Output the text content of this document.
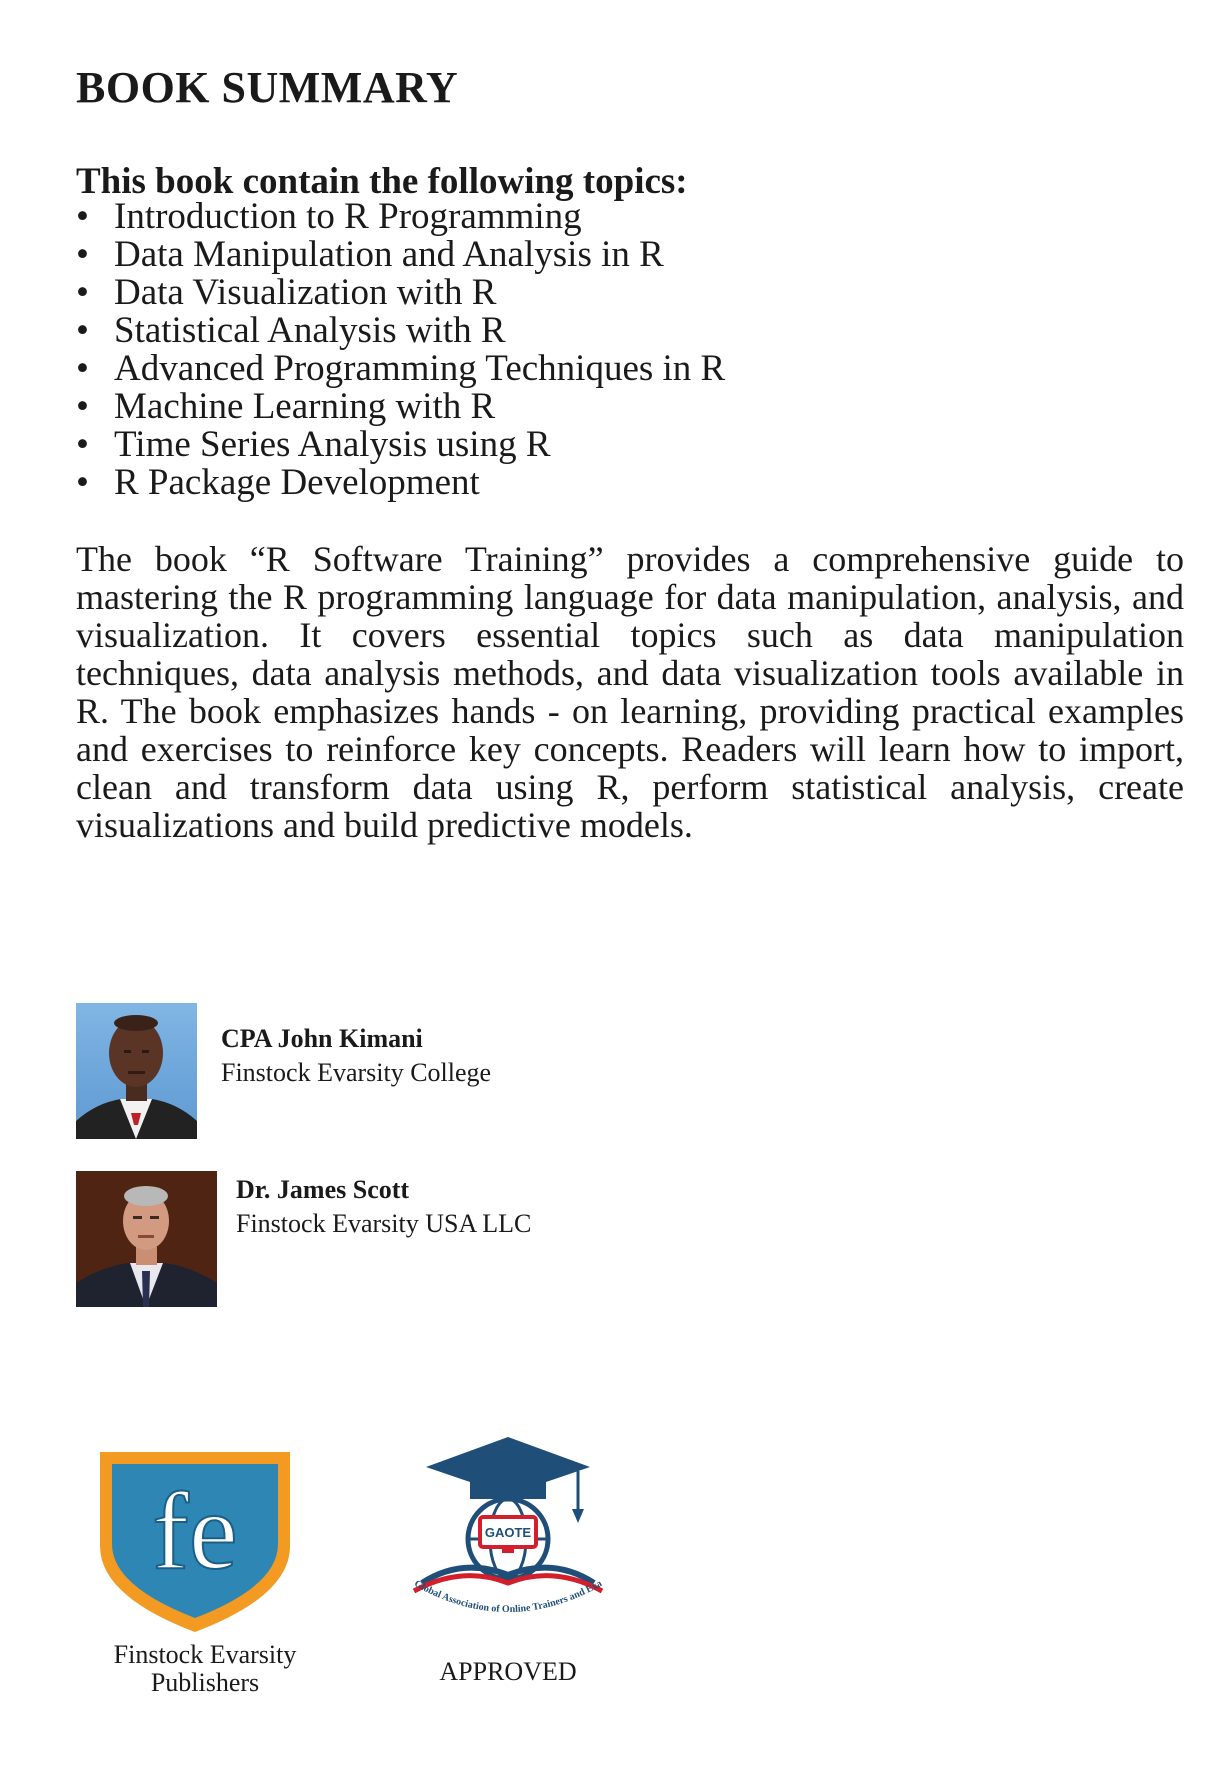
BOOK SUMMARY
This book contain the following topics:
• Introduction to R Programming
• Data Manipulation and Analysis in R
• Data Visualization with R
• Statistical Analysis with R
• Advanced Programming Techniques in R
• Machine Learning with R
• Time Series Analysis using R
• R Package Development

The book “R Software Training” provides a comprehensive guide to mastering the R programming language for data manipulation, analysis, and visualization. It covers essential topics such as data manipulation techniques, data analysis methods, and data visualization tools available in R. The book emphasizes hands - on learning, providing practical examples and exercises to reinforce key concepts. Readers will learn how to import, clean and transform data using R, perform statistical analysis, create visualizations and build predictive models.

CPA John Kimani

Finstock Evarsity College

Dr. James Scott

Finstock Evarsity USA LLC

fe

Finstock Evarsity
Publishers

GAOTE
Global Association of Online Trainers and Exa

APPROVED
